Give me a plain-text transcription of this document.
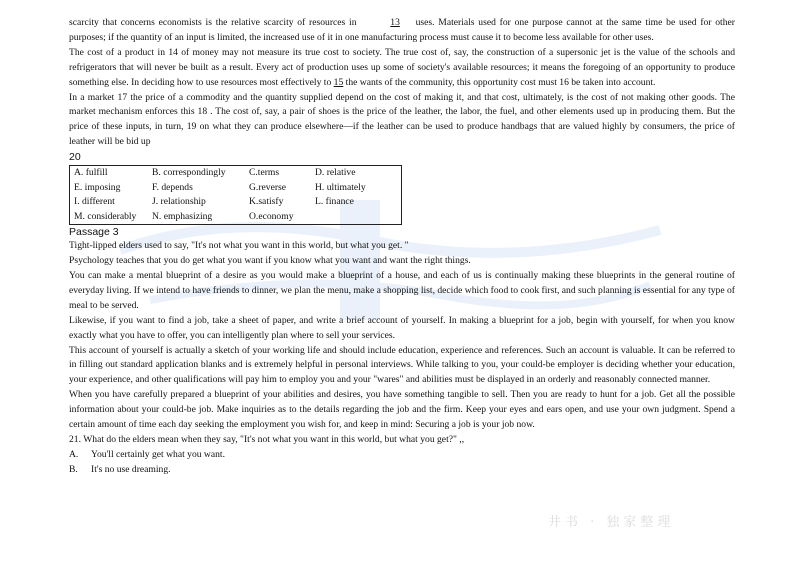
scarcity that concerns economists is the relative scarcity of resources in	13 uses. Materials used for one purpose cannot at the same time be used for other purposes; if the quantity of an input is limited, the increased use of it in one manufacturing process must cause it to become less available for other uses.

The cost of a product in 14 of money may not measure its true cost to society. The true cost of, say, the construction of a supersonic jet is the value of the schools and refrigerators that will never be built as a result. Every act of production uses up some of society's available resources; it means the foregoing of an opportunity to produce something else. In deciding how to use resources most effectively to 15 the wants of the community, this opportunity cost must 16 be taken into account.

In a market 17 the price of a commodity and the quantity supplied depend on the cost of making it, and that cost, ultimately, is the cost of not making other goods. The market mechanism enforces this 18 . The cost of, say, a pair of shoes is the price of the leather, the labor, the fuel, and other elements used up in producing them. But the price of these inputs, in turn, 19 on what they can produce elsewhere—if the leather can be used to produce handbags that are valued highly by consumers, the price of leather will be bid up

20
A. fulfill	B. correspondingly	C.terms	D. relative
E. imposing	F. depends	G.reverse	H. ultimately
I. different	J. relationship	K.satisfy	L. finance
M. considerably	N. emphasizing	O.economy	
Passage 3

Tight-lipped elders used to say, "It's not what you want in this world, but what you get. "

Psychology teaches that you do get what you want if you know what you want and want the right things.

You can make a mental blueprint of a desire as you would make a blueprint of a house, and each of us is continually making these blueprints in the general routine of everyday living. If we intend to have friends to dinner, we plan the menu, make a shopping list, decide which food to cook first, and such planning is essential for any type of meal to be served.

Likewise, if you want to find a job, take a sheet of paper, and write a brief account of yourself. In making a blueprint for a job, begin with yourself, for when you know exactly what you have to offer, you can intelligently plan where to sell your services.

This account of yourself is actually a sketch of your working life and should include education, experience and references. Such an account is valuable. It can be referred to in filling out standard application blanks and is extremely helpful in personal interviews. While talking to you, your could-be employer is deciding whether your education, your experience, and other qualifications will pay him to employ you and your "wares" and abilities must be displayed in an orderly and reasonably connected manner.

When you have carefully prepared a blueprint of your abilities and desires, you have something tangible to sell. Then you are ready to hunt for a job. Get all the possible information about your could-be job. Make inquiries as to the details regarding the job and the firm. Keep your eyes and ears open, and use your own judgment. Spend a certain amount of time each day seeking the employment you wish for, and keep in mind: Securing a job is your job now.

21. What do the elders mean when they say, "It's not what you want in this world, but what you get?" ,,
A. You'll certainly get what you want.
B. It's no use dreaming.
井书 · 独家整理
